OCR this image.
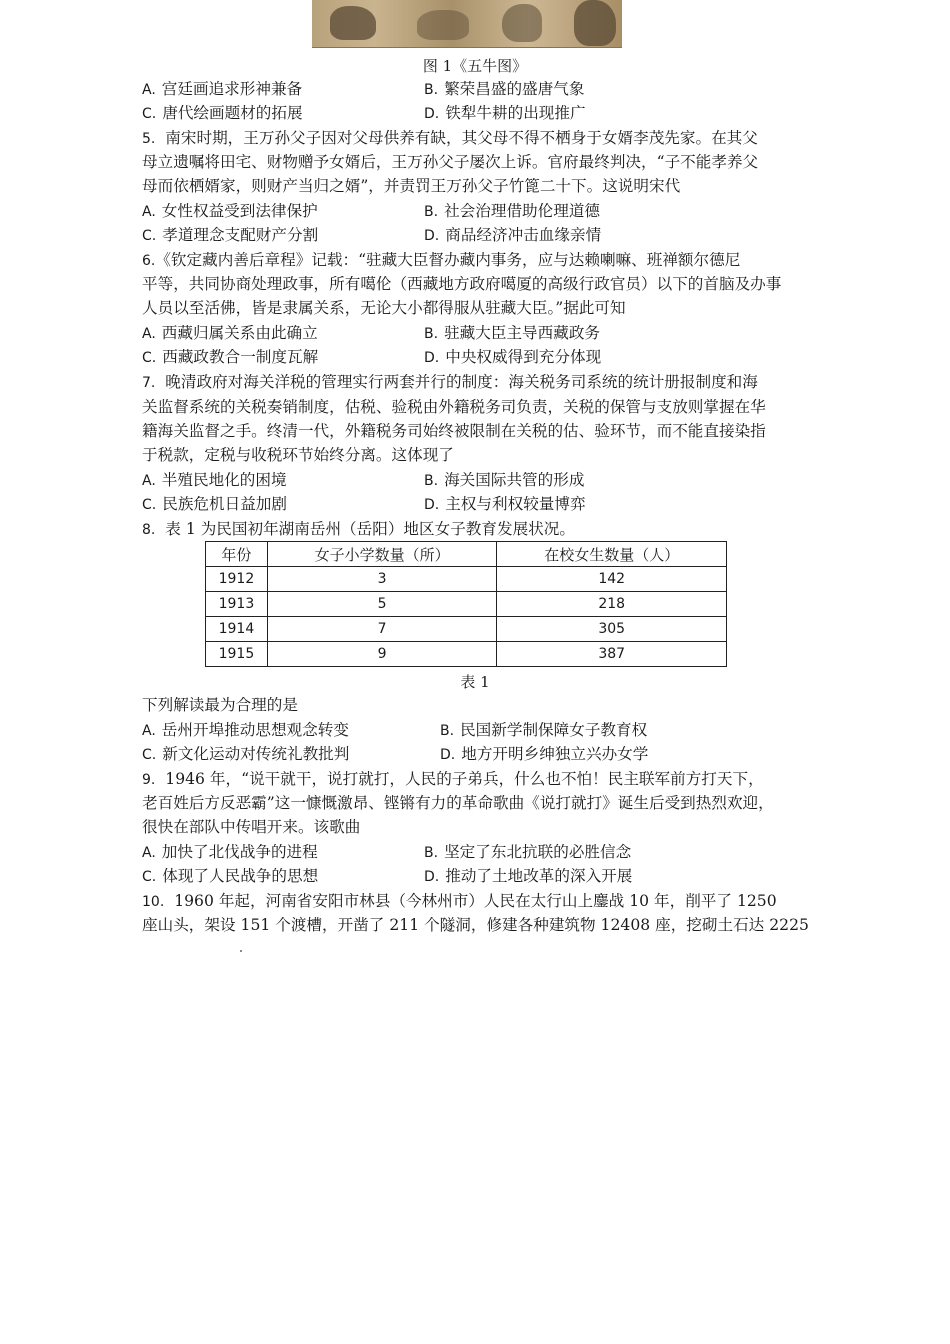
图 1《五牛图》
A. 宫廷画追求形神兼备	B. 繁荣昌盛的盛唐气象
C. 唐代绘画题材的拓展	D. 铁犁牛耕的出现推广
5. 南宋时期，王万孙父子因对父母供养有缺，其父母不得不栖身于女婿李茂先家。在其父
母立遗嘱将田宅、财物赠予女婿后，王万孙父子屡次上诉。官府最终判决，“子不能孝养父
母而依栖婿家，则财产当归之婿”，并责罚王万孙父子竹篦二十下。这说明宋代
A. 女性权益受到法律保护	B. 社会治理借助伦理道德
C. 孝道理念支配财产分割	D. 商品经济冲击血缘亲情
6.《钦定藏内善后章程》记载：“驻藏大臣督办藏内事务，应与达赖喇嘛、班禅额尔德尼
平等，共同协商处理政事，所有噶伦（西藏地方政府噶厦的高级行政官员）以下的首脑及办事
人员以至活佛，皆是隶属关系，无论大小都得服从驻藏大臣。”据此可知
A. 西藏归属关系由此确立	B. 驻藏大臣主导西藏政务
C. 西藏政教合一制度瓦解	D. 中央权威得到充分体现
7. 晚清政府对海关洋税的管理实行两套并行的制度：海关税务司系统的统计册报制度和海
关监督系统的关税奏销制度，估税、验税由外籍税务司负责，关税的保管与支放则掌握在华
籍海关监督之手。终清一代，外籍税务司始终被限制在关税的估、验环节，而不能直接染指
于税款，定税与收税环节始终分离。这体现了
A. 半殖民地化的困境	B. 海关国际共管的形成
C. 民族危机日益加剧	D. 主权与利权较量博弈
8. 表 1 为民国初年湖南岳州（岳阳）地区女子教育发展状况。
年份	女子小学数量（所）	在校女生数量（人）
1912	3	142
1913	5	218
1914	7	305
1915	9	387
表 1
下列解读最为合理的是
A. 岳州开埠推动思想观念转变	B. 民国新学制保障女子教育权
C. 新文化运动对传统礼教批判	D. 地方开明乡绅独立兴办女学
9. 1946 年，“说干就干，说打就打，人民的子弟兵，什么也不怕！民主联军前方打天下，
老百姓后方反恶霸”这一慷慨激昂、铿锵有力的革命歌曲《说打就打》诞生后受到热烈欢迎，
很快在部队中传唱开来。该歌曲
A. 加快了北伐战争的进程	B. 坚定了东北抗联的必胜信念
C. 体现了人民战争的思想	D. 推动了土地改革的深入开展
10. 1960 年起，河南省安阳市林县（今林州市）人民在太行山上鏖战 10 年，削平了 1250
座山头，架设 151 个渡槽，开凿了 211 个隧洞，修建各种建筑物 12408 座，挖砌土石达 2225
